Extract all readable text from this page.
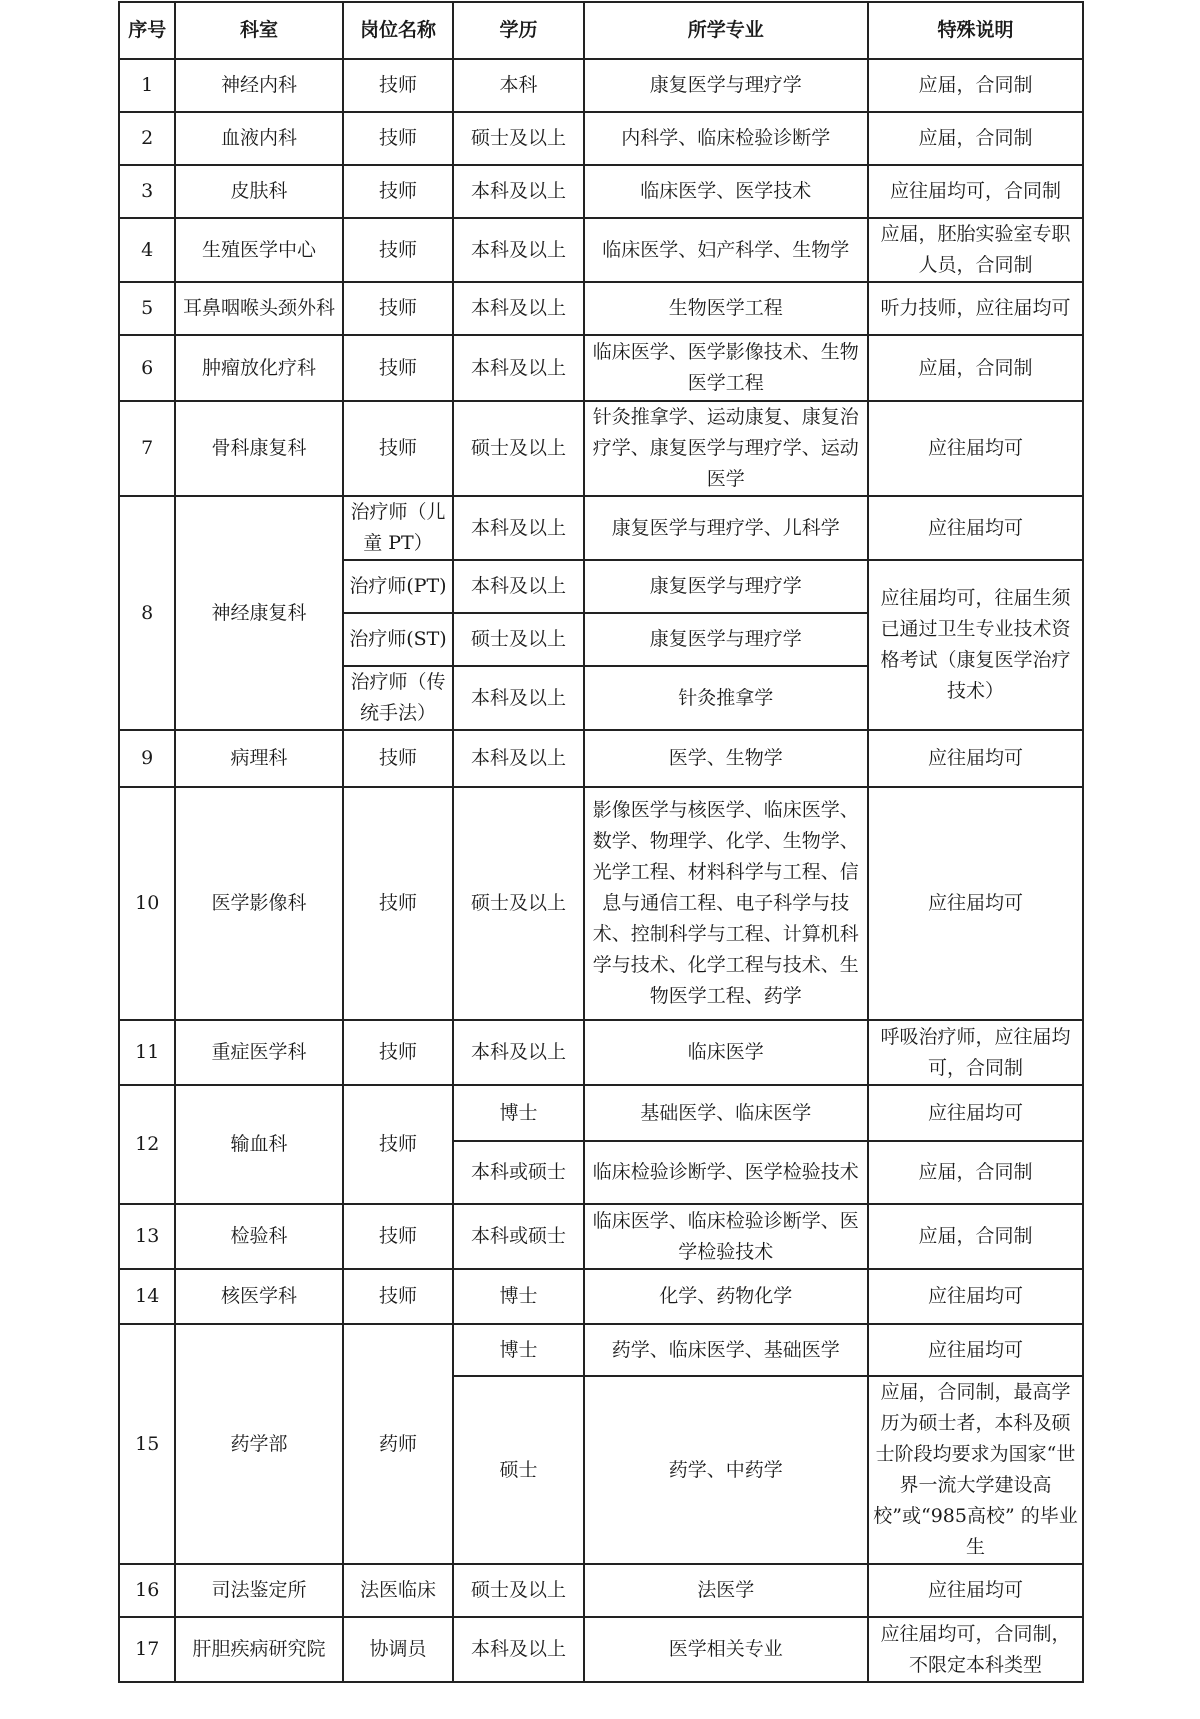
序号	科室	岗位名称	学历	所学专业	特殊说明
1	神经内科	技师	本科	康复医学与理疗学	应届，合同制
2	血液内科	技师	硕士及以上	内科学、临床检验诊断学	应届，合同制
3	皮肤科	技师	本科及以上	临床医学、医学技术	应往届均可，合同制
4	生殖医学中心	技师	本科及以上	临床医学、妇产科学、生物学	应届，胚胎实验室专职人员，合同制
5	耳鼻咽喉头颈外科	技师	本科及以上	生物医学工程	听力技师，应往届均可
6	肿瘤放化疗科	技师	本科及以上	临床医学、医学影像技术、生物医学工程	应届，合同制
7	骨科康复科	技师	硕士及以上	针灸推拿学、运动康复、康复治疗学、康复医学与理疗学、运动医学	应往届均可
8	神经康复科	治疗师（儿童 PT）	本科及以上	康复医学与理疗学、儿科学	应往届均可
		治疗师(PT)	本科及以上	康复医学与理疗学	应往届均可，往届生须已通过卫生专业技术资格考试（康复医学治疗技术）
		治疗师(ST)	硕士及以上	康复医学与理疗学	
		治疗师（传统手法）	本科及以上	针灸推拿学	
9	病理科	技师	本科及以上	医学、生物学	应往届均可
10	医学影像科	技师	硕士及以上	影像医学与核医学、临床医学、数学、物理学、化学、生物学、光学工程、材料科学与工程、信息与通信工程、电子科学与技术、控制科学与工程、计算机科学与技术、化学工程与技术、生物医学工程、药学	应往届均可
11	重症医学科	技师	本科及以上	临床医学	呼吸治疗师，应往届均可，合同制
12	输血科	技师	博士	基础医学、临床医学	应往届均可
			本科或硕士	临床检验诊断学、医学检验技术	应届，合同制
13	检验科	技师	本科或硕士	临床医学、临床检验诊断学、医学检验技术	应届，合同制
14	核医学科	技师	博士	化学、药物化学	应往届均可
15	药学部	药师	博士	药学、临床医学、基础医学	应往届均可
			硕士	药学、中药学	应届，合同制，最高学历为硕士者，本科及硕士阶段均要求为国家“世界一流大学建设高校”或“985高校” 的毕业生
16	司法鉴定所	法医临床	硕士及以上	法医学	应往届均可
17	肝胆疾病研究院	协调员	本科及以上	医学相关专业	应往届均可，合同制，不限定本科类型
